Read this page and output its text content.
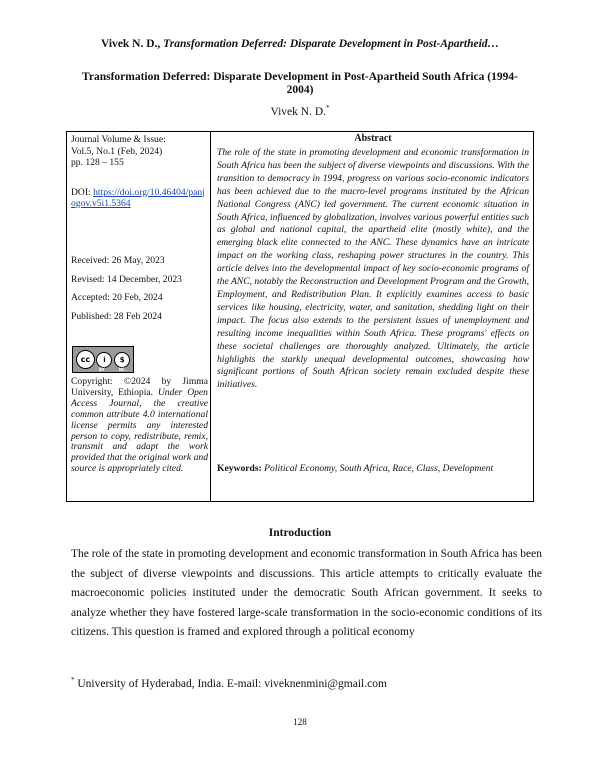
Vivek N. D., Transformation Deferred: Disparate Development in Post-Apartheid…
Transformation Deferred: Disparate Development in Post-Apartheid South Africa (1994-2004)
Vivek N. D.*
Journal Volume & Issue:
Vol.5, No.1 (Feb, 2024)
pp. 128 – 155
DOI: https://doi.org/10.46404/panjogov.v5i1.5364
Received: 26 May, 2023
Revised: 14 December, 2023
Accepted: 20 Feb, 2024
Published: 28 Feb 2024
cc	i	$
BY	NC
Copyright: ©2024 by Jimma University, Ethiopia. Under Open Access Journal, the creative common attribute 4.0 international license permits any interested person to copy, redistribute, remix, transmit and adapt the work provided that the original work and source is appropriately cited.
Abstract
The role of the state in promoting development and economic transformation in South Africa has been the subject of diverse viewpoints and discussions. With the transition to democracy in 1994, progress on various socio-economic indicators has been achieved due to the macro-level programs instituted by the African National Congress (ANC) led government. The current economic situation in South Africa, influenced by globalization, involves various powerful entities such as global and national capital, the apartheid elite (mostly white), and the emerging black elite connected to the ANC. These dynamics have an intricate impact on the working class, reshaping power structures in the country. This article delves into the developmental impact of key socio-economic programs of the ANC, notably the Reconstruction and Development Program and the Growth, Employment, and Redistribution Plan. It explicitly examines access to basic services like housing, electricity, water, and sanitation, shedding light on their impact. The focus also extends to the persistent issues of unemployment and resulting income inequalities within South Africa. These programs' effects on these societal challenges are thoroughly analyzed. Ultimately, the article highlights the starkly unequal developmental outcomes, showcasing how significant portions of South African society remain excluded despite these initiatives.
Keywords: Political Economy, South Africa, Race, Class, Development
Introduction
The role of the state in promoting development and economic transformation in South Africa has been the subject of diverse viewpoints and discussions. This article attempts to critically evaluate the macroeconomic policies instituted under the democratic South African government. It seeks to analyze whether they have fostered large-scale transformation in the socio-economic conditions of its citizens. This question is framed and explored through a political economy
* University of Hyderabad, India. E-mail: viveknenmini@gmail.com
128
